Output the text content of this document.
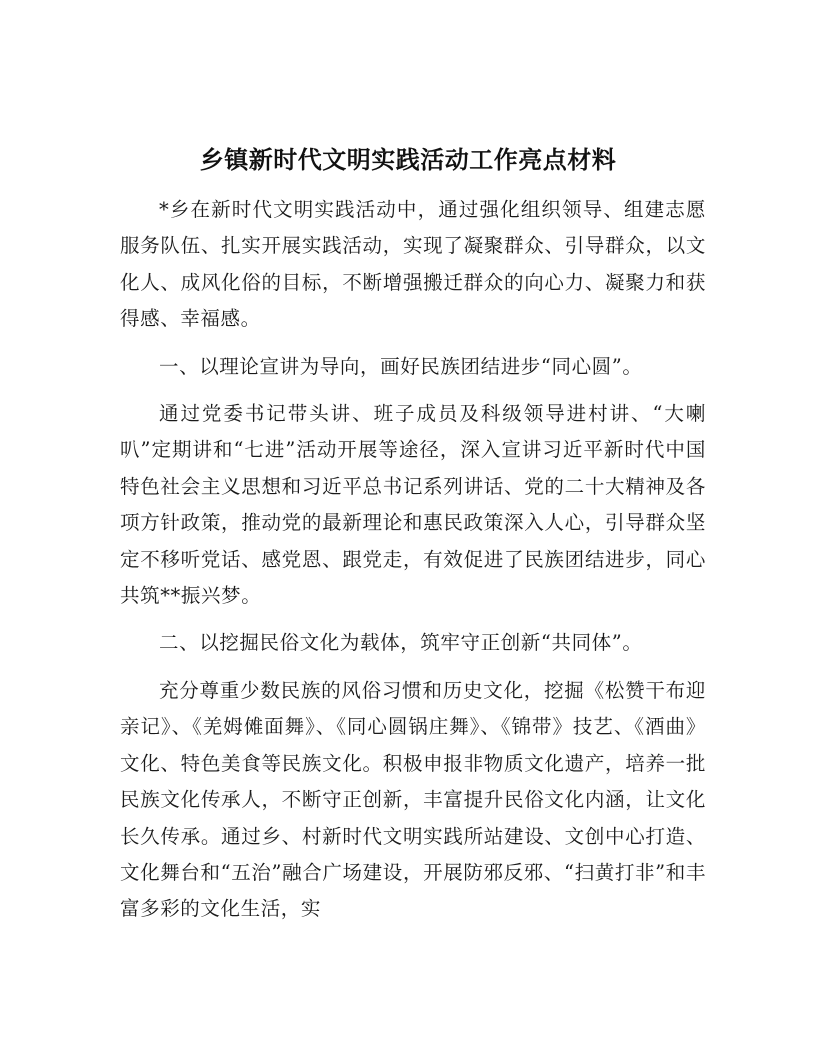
乡镇新时代文明实践活动工作亮点材料

*乡在新时代文明实践活动中，通过强化组织领导、组建志愿服务队伍、扎实开展实践活动，实现了凝聚群众、引导群众，以文化人、成风化俗的目标，不断增强搬迁群众的向心力、凝聚力和获得感、幸福感。

一、以理论宣讲为导向，画好民族团结进步“同心圆”。

通过党委书记带头讲、班子成员及科级领导进村讲、“大喇叭”定期讲和“七进”活动开展等途径，深入宣讲习近平新时代中国特色社会主义思想和习近平总书记系列讲话、党的二十大精神及各项方针政策，推动党的最新理论和惠民政策深入人心，引导群众坚定不移听党话、感党恩、跟党走，有效促进了民族团结进步，同心共筑**振兴梦。

二、以挖掘民俗文化为载体，筑牢守正创新“共同体”。

充分尊重少数民族的风俗习惯和历史文化，挖掘《松赞干布迎亲记》、《羌姆傩面舞》、《同心圆锅庄舞》、《锦带》技艺、《酒曲》文化、特色美食等民族文化。积极申报非物质文化遗产，培养一批民族文化传承人，不断守正创新，丰富提升民俗文化内涵，让文化长久传承。通过乡、村新时代文明实践所站建设、文创中心打造、文化舞台和“五治”融合广场建设，开展防邪反邪、“扫黄打非”和丰富多彩的文化生活，实
